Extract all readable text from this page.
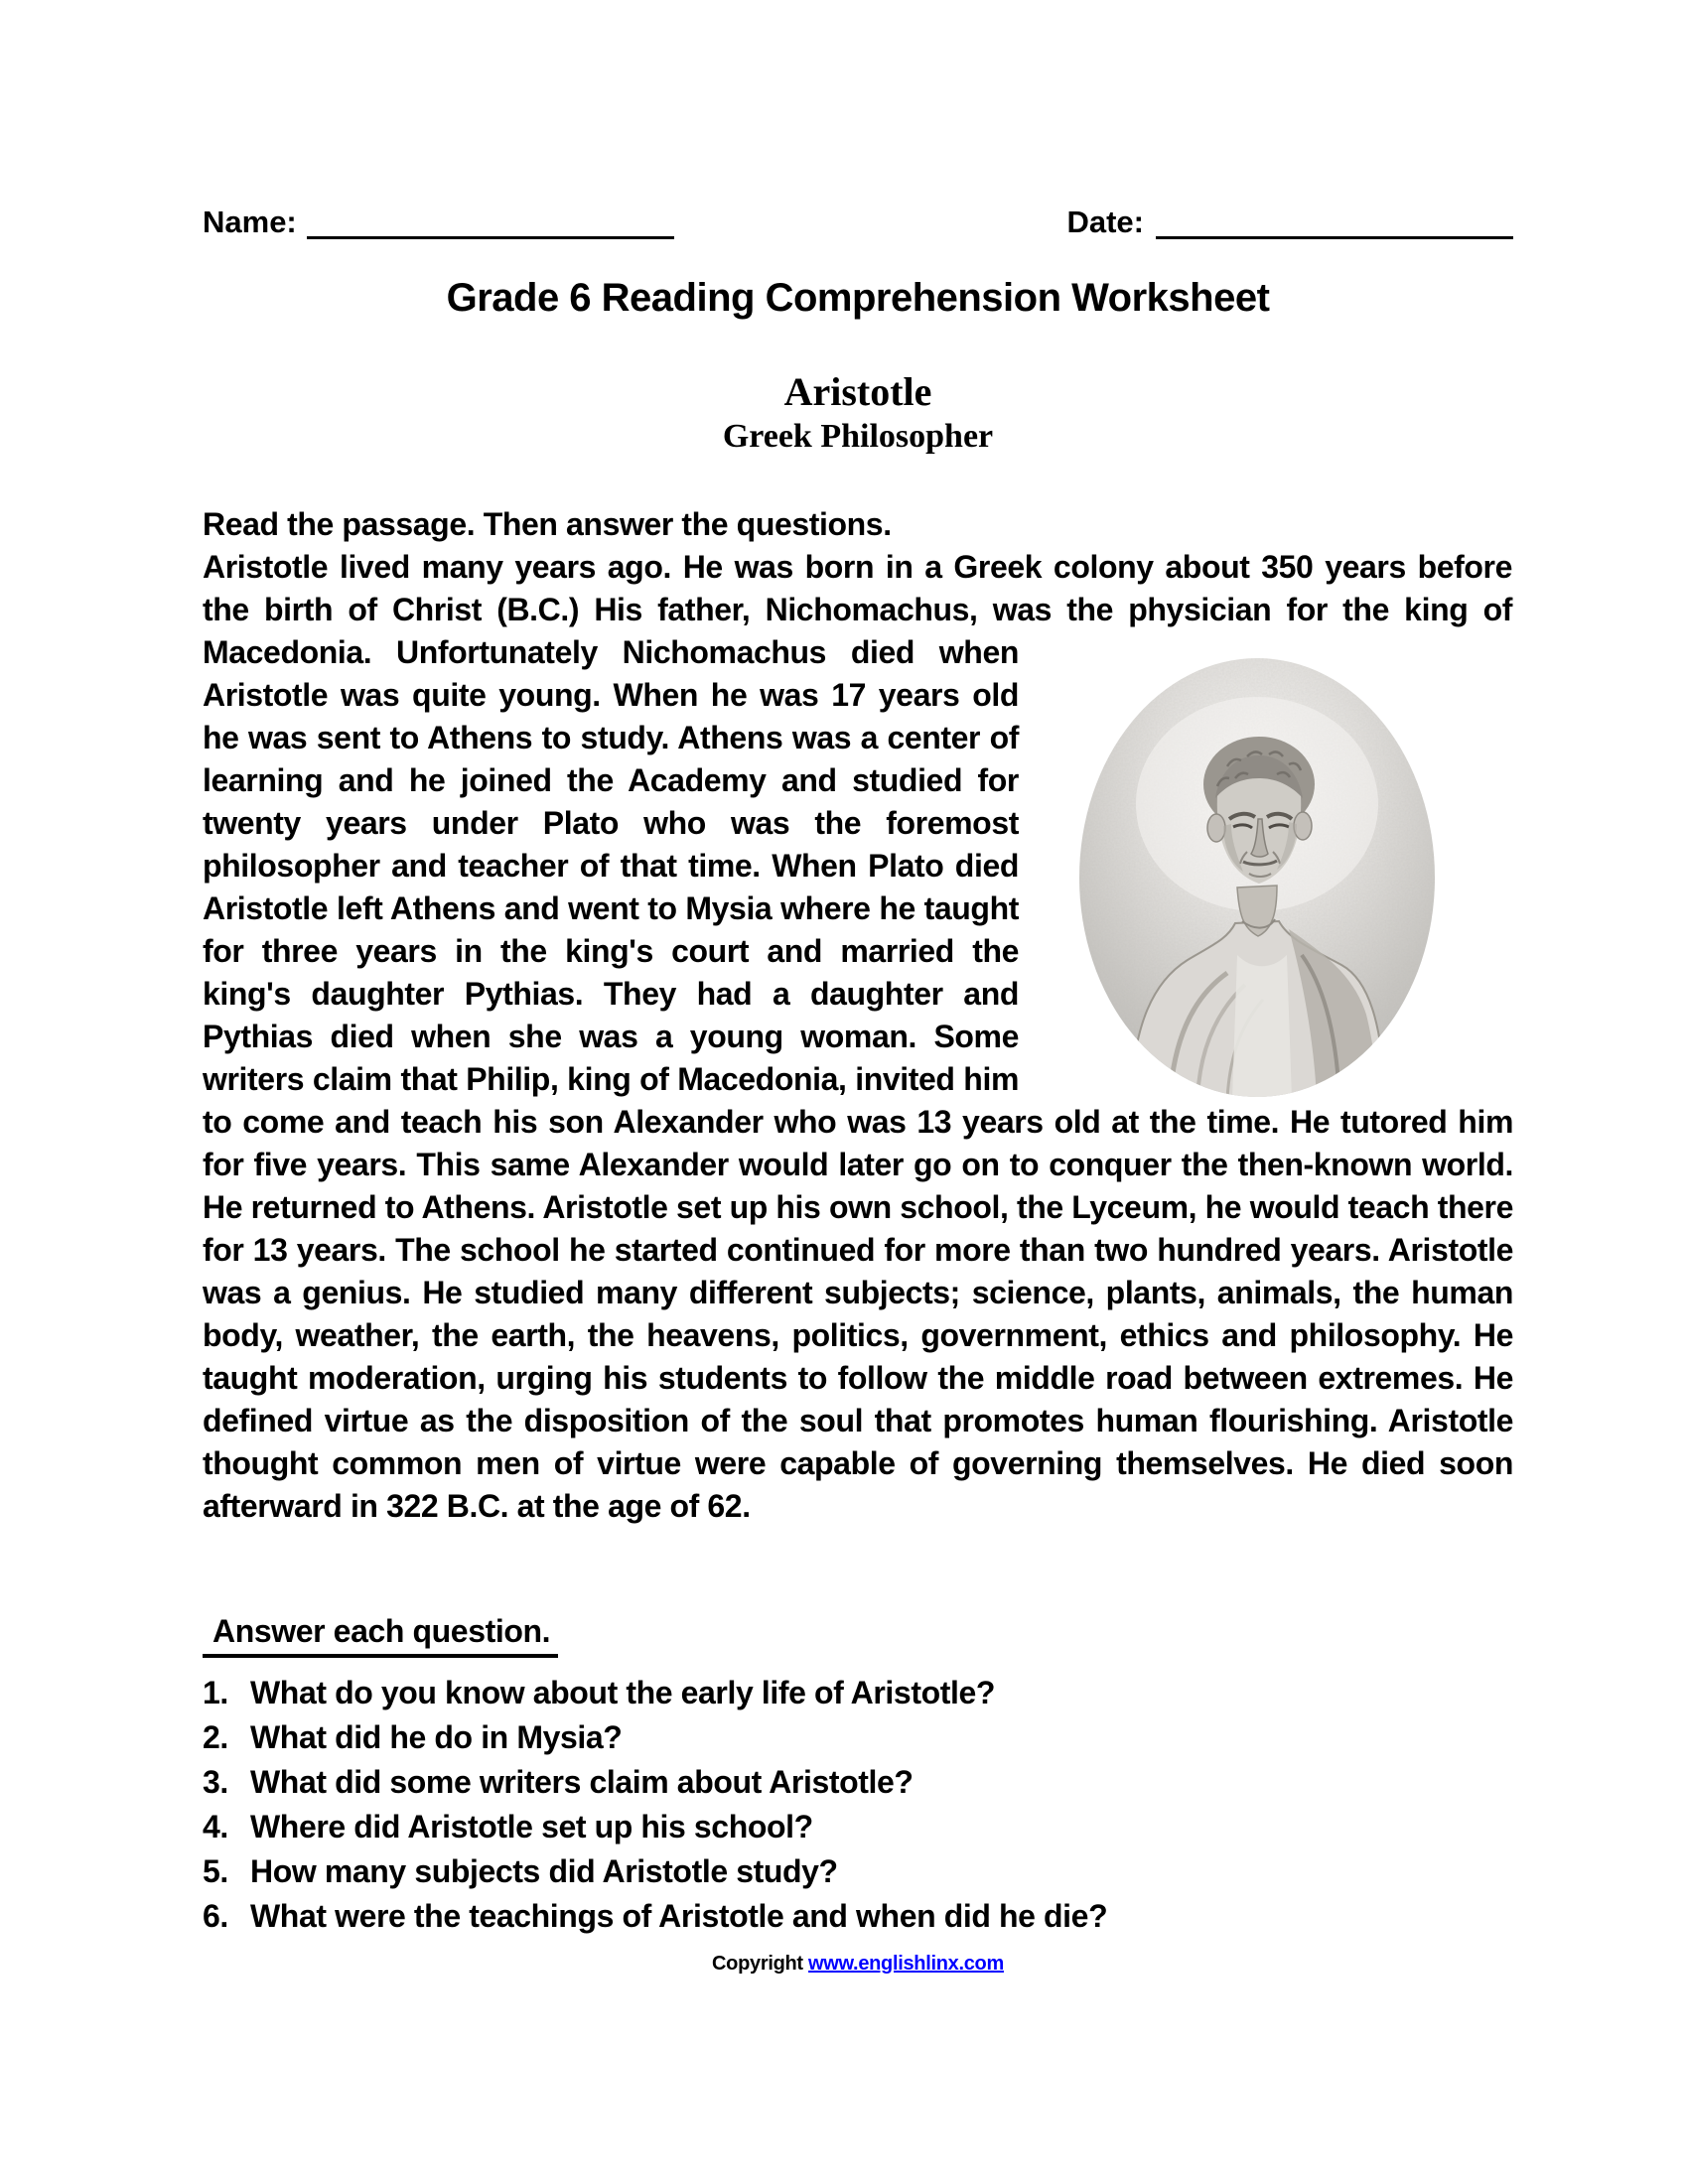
Name:	Date:
Grade 6 Reading Comprehension Worksheet
Aristotle
Greek Philosopher

Read the passage. Then answer the questions.

Aristotle lived many years ago. He was born in a Greek colony about 350 years before the birth of Christ (B.C.) His father, Nichomachus, was the physician for the king of Macedonia. Unfortunately Nichomachus died when Aristotle was quite young. When he was 17 years old he was sent to Athens to study. Athens was a center of learning and he joined the Academy and studied for twenty years under Plato who was the foremost philosopher and teacher of that time. When Plato died Aristotle left Athens and went to Mysia where he taught for three years in the king's court and married the king's daughter Pythias. They had a daughter and Pythias died when she was a young woman. Some writers claim that Philip, king of Macedonia, invited him to come and teach his son Alexander who was 13 years old at the time. He tutored him for five years. This same Alexander would later go on to conquer the then-known world. He returned to Athens. Aristotle set up his own school, the Lyceum, he would teach there for 13 years. The school he started continued for more than two hundred years. Aristotle was a genius. He studied many different subjects; science, plants, animals, the human body, weather, the earth, the heavens, politics, government, ethics and philosophy. He taught moderation, urging his students to follow the middle road between extremes. He defined virtue as the disposition of the soul that promotes human flourishing. Aristotle thought common men of virtue were capable of governing themselves. He died soon afterward in 322 B.C. at the age of 62.
Answer each question.
1. What do you know about the early life of Aristotle?
2. What did he do in Mysia?
3. What did some writers claim about Aristotle?
4. Where did Aristotle set up his school?
5. How many subjects did Aristotle study?
6. What were the teachings of Aristotle and when did he die?
Copyright www.englishlinx.com
